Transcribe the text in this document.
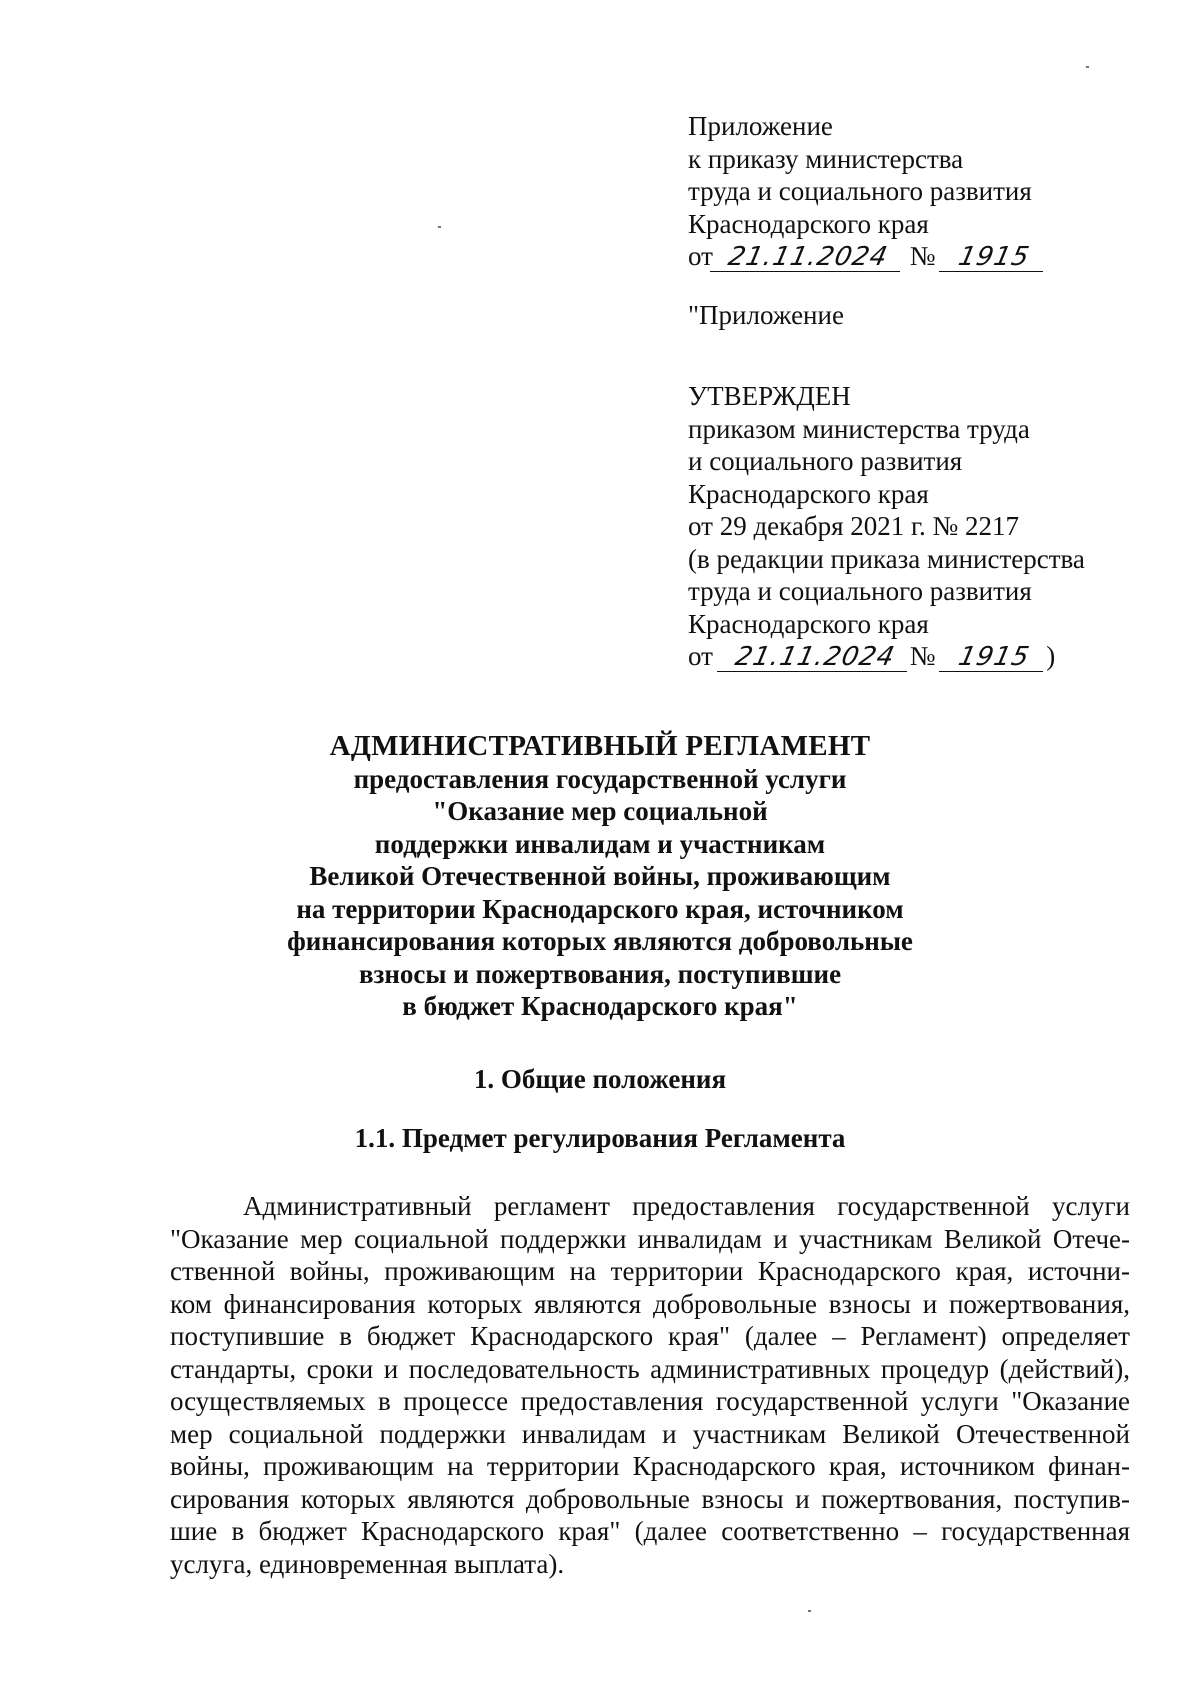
Приложение
к приказу министерства
труда и социального развития
Краснодарского края
от 21.11.2024 № 1915
"Приложение
УТВЕРЖДЕН
приказом министерства труда
и социального развития
Краснодарского края
от 29 декабря 2021 г. № 2217
(в редакции приказа министерства
труда и социального развития
Краснодарского края
от 21.11.2024 № 1915 )
АДМИНИСТРАТИВНЫЙ РЕГЛАМЕНТ
предоставления государственной услуги
"Оказание мер социальной
поддержки инвалидам и участникам
Великой Отечественной войны, проживающим
на территории Краснодарского края, источником
финансирования которых являются добровольные
взносы и пожертвования, поступившие
в бюджет Краснодарского края"
1. Общие положения
1.1. Предмет регулирования Регламента
Административный регламент предоставления государственной услуги
"Оказание мер социальной поддержки инвалидам и участникам Великой Отече-
ственной войны, проживающим на территории Краснодарского края, источни-
ком финансирования которых являются добровольные взносы и пожертвования,
поступившие в бюджет Краснодарского края" (далее – Регламент) определяет
стандарты, сроки и последовательность административных процедур (действий),
осуществляемых в процессе предоставления государственной услуги "Оказание
мер социальной поддержки инвалидам и участникам Великой Отечественной
войны, проживающим на территории Краснодарского края, источником финан-
сирования которых являются добровольные взносы и пожертвования, поступив-
шие в бюджет Краснодарского края" (далее соответственно – государственная
услуга, единовременная выплата).
